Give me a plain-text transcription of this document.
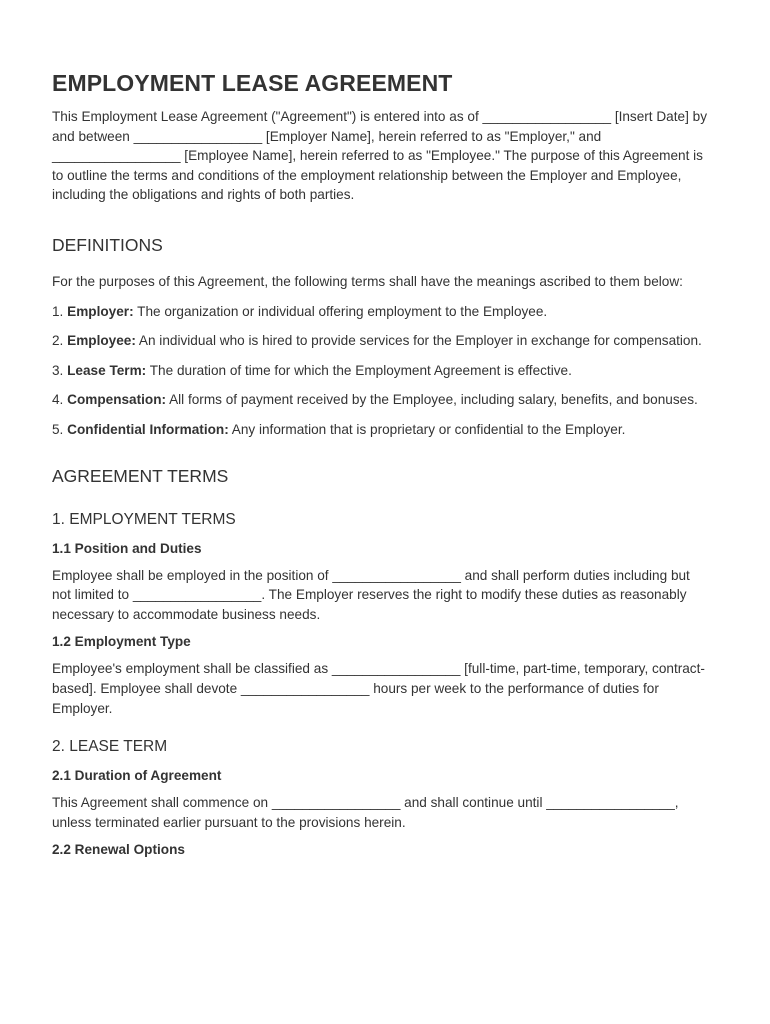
EMPLOYMENT LEASE AGREEMENT

This Employment Lease Agreement ("Agreement") is entered into as of _________________ [Insert Date] by and between _________________ [Employer Name], herein referred to as "Employer," and _________________ [Employee Name], herein referred to as "Employee." The purpose of this Agreement is to outline the terms and conditions of the employment relationship between the Employer and Employee, including the obligations and rights of both parties.

DEFINITIONS

For the purposes of this Agreement, the following terms shall have the meanings ascribed to them below:

1. Employer: The organization or individual offering employment to the Employee.

2. Employee: An individual who is hired to provide services for the Employer in exchange for compensation.

3. Lease Term: The duration of time for which the Employment Agreement is effective.

4. Compensation: All forms of payment received by the Employee, including salary, benefits, and bonuses.

5. Confidential Information: Any information that is proprietary or confidential to the Employer.

AGREEMENT TERMS
1. EMPLOYMENT TERMS
1.1 Position and Duties

Employee shall be employed in the position of _________________ and shall perform duties including but not limited to _________________. The Employer reserves the right to modify these duties as reasonably necessary to accommodate business needs.

1.2 Employment Type

Employee's employment shall be classified as _________________ [full-time, part-time, temporary, contract-based]. Employee shall devote _________________ hours per week to the performance of duties for Employer.

2. LEASE TERM
2.1 Duration of Agreement

This Agreement shall commence on _________________ and shall continue until _________________, unless terminated earlier pursuant to the provisions herein.

2.2 Renewal Options
